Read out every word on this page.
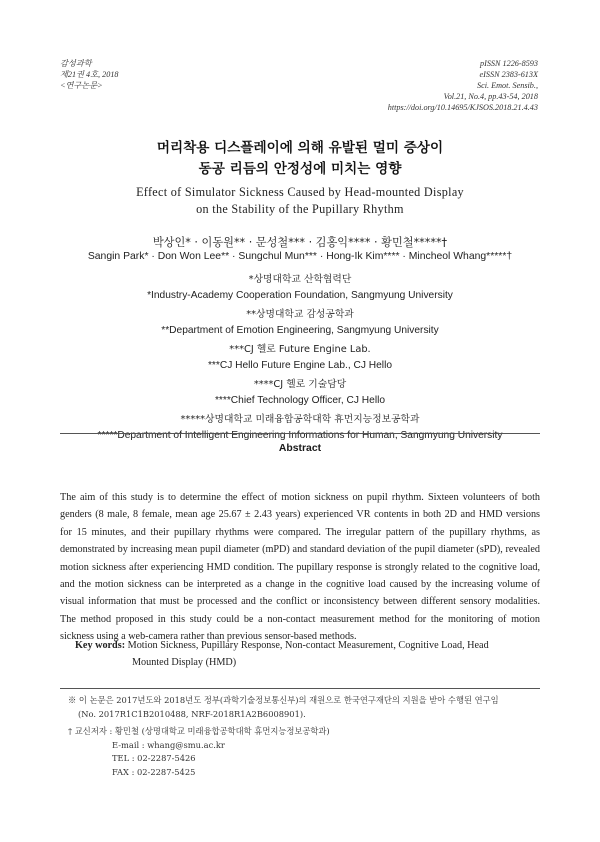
감성과학
제21권 4호, 2018
<연구논문>
pISSN 1226-8593
eISSN 2383-613X
Sci. Emot. Sensib.,
Vol.21, No.4, pp.43-54, 2018
https://doi.org/10.14695/KJSOS.2018.21.4.43
머리착용 디스플레이에 의해 유발된 멀미 증상이
동공 리듬의 안정성에 미치는 영향
Effect of Simulator Sickness Caused by Head-mounted Display
on the Stability of the Pupillary Rhythm
박상인* · 이동원** · 문성철*** · 김홍익**** · 황민철*****†
Sangin Park* · Don Won Lee** · Sungchul Mun*** · Hong-Ik Kim**** · Mincheol Whang*****†
*상명대학교 산학협력단
*Industry-Academy Cooperation Foundation, Sangmyung University
**상명대학교 감성공학과
**Department of Emotion Engineering, Sangmyung University
***CJ 헬로 Future Engine Lab.
***CJ Hello Future Engine Lab., CJ Hello
****CJ 헬로 기술담당
****Chief Technology Officer, CJ Hello
*****상명대학교 미래융합공학대학 휴먼지능정보공학과
*****Department of Intelligent Engineering Informations for Human, Sangmyung University
Abstract
The aim of this study is to determine the effect of motion sickness on pupil rhythm. Sixteen volunteers of both
genders (8 male, 8 female, mean age 25.67 ± 2.43 years) experienced VR contents in both 2D and HMD versions
for 15 minutes, and their pupillary rhythms were compared. The irregular pattern of the pupillary rhythms, as
demonstrated by increasing mean pupil diameter (mPD) and standard deviation of the pupil diameter (sPD), revealed
motion sickness after experiencing HMD condition. The pupillary response is strongly related to the cognitive load,
and the motion sickness can be interpreted as a change in the cognitive load caused by the increasing volume of
visual information that must be processed and the conflict or inconsistency between different sensory modalities.
The method proposed in this study could be a non-contact measurement method for the monitoring of motion
sickness using a web-camera rather than previous sensor-based methods.
Key words: Motion Sickness, Pupillary Response, Non-contact Measurement, Cognitive Load, Head
Mounted Display (HMD)
※ 이 논문은 2017년도와 2018년도 정부(과학기술정보통신부)의 재원으로 한국연구재단의 지원을 받아 수행된 연구임
(No. 2017R1C1B2010488, NRF-2018R1A2B6008901).
† 교신저자 : 황민철 (상명대학교 미래융합공학대학 휴먼지능정보공학과)
E-mail : whang@smu.ac.kr
TEL : 02-2287-5426
FAX : 02-2287-5425
